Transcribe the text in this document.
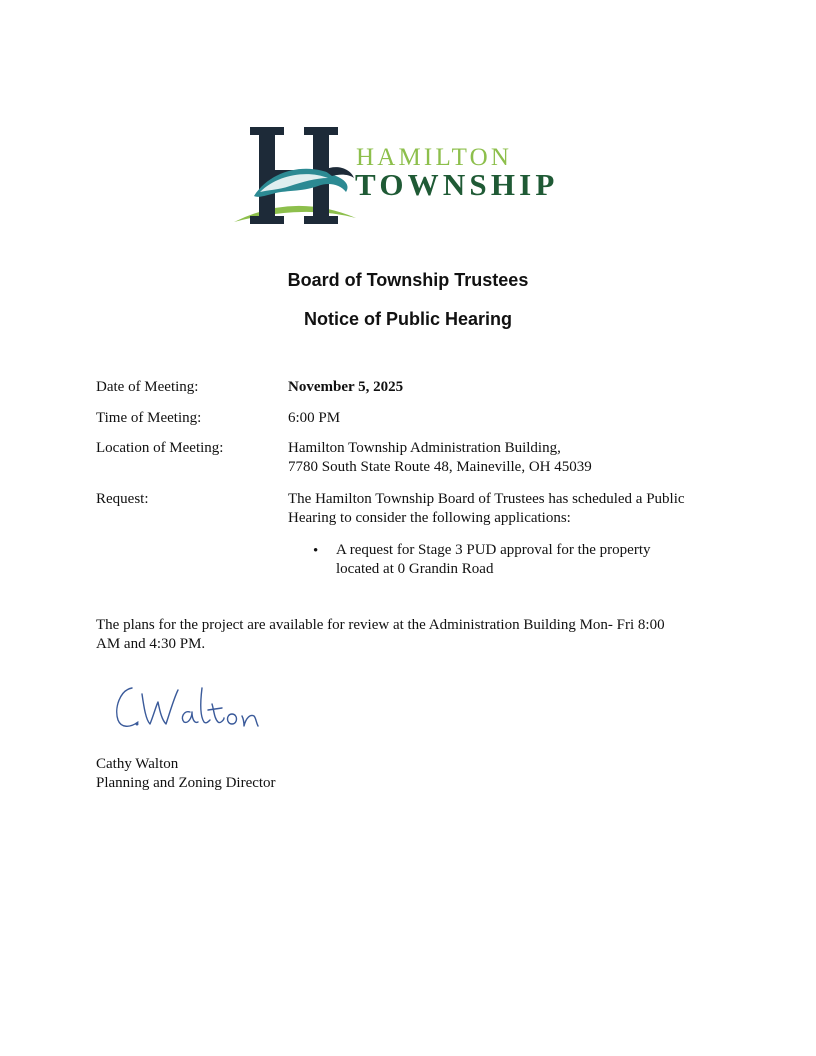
HAMILTON
TOWNSHIP
Board of Township Trustees
Notice of Public Hearing
Date of Meeting:	November 5, 2025
Time of Meeting:	6:00 PM
Location of Meeting:	Hamilton Township Administration Building,
7780 South State Route 48, Maineville, OH 45039
Request:	The Hamilton Township Board of Trustees has scheduled a Public
Hearing to consider the following applications:
• A request for Stage 3 PUD approval for the property
located at 0 Grandin Road
The plans for the project are available for review at the Administration Building Mon- Fri 8:00
AM and 4:30 PM.
Cathy Walton
Planning and Zoning Director
